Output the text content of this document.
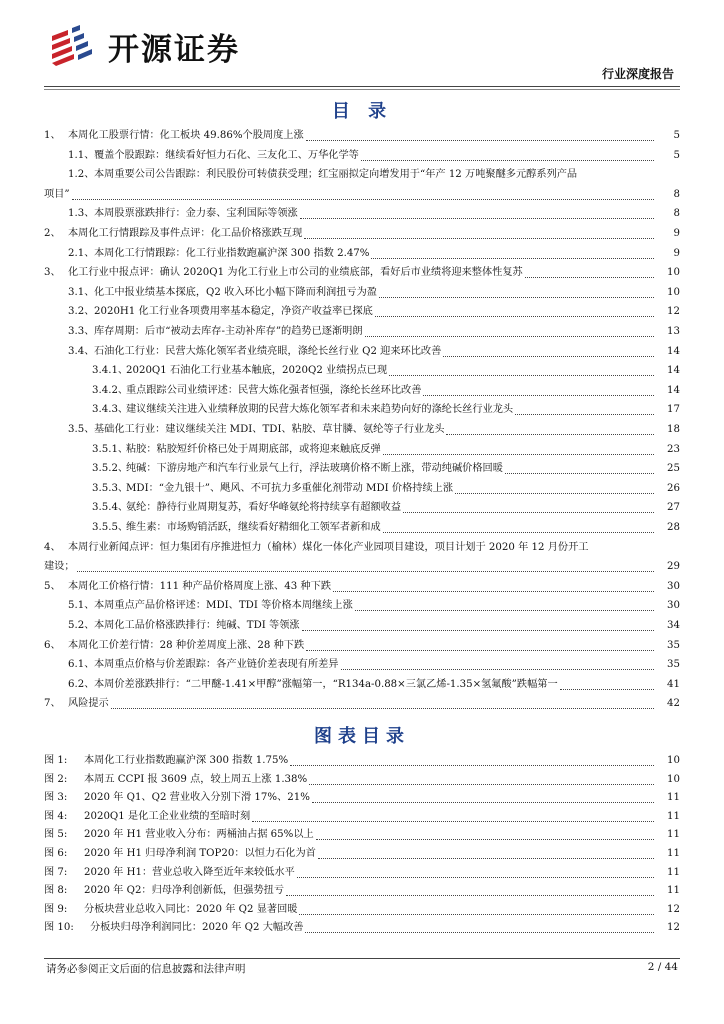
开源证券
行业深度报告
目 录
1、 本周化工股票行情：化工板块 49.86%个股周度上涨	5
1.1、 覆盖个股跟踪：继续看好恒力石化、三友化工、万华化学等	5
1.2、 本周重要公司公告跟踪：利民股份可转债获受理；红宝丽拟定向增发用于“年产 12 万吨聚醚多元醇系列产品
项目”	8
1.3、 本周股票涨跌排行：金力泰、宝利国际等领涨	8
2、 本周化工行情跟踪及事件点评：化工品价格涨跌互现	9
2.1、 本周化工行情跟踪：化工行业指数跑赢沪深 300 指数 2.47%	9
3、 化工行业中报点评：确认 2020Q1 为化工行业上市公司的业绩底部，看好后市业绩将迎来整体性复苏	10
3.1、 化工中报业绩基本探底，Q2 收入环比小幅下降而利润扭亏为盈	10
3.2、 2020H1 化工行业各项费用率基本稳定，净资产收益率已探底	12
3.3、 库存周期：后市“被动去库存-主动补库存”的趋势已逐渐明朗	13
3.4、 石油化工行业：民营大炼化领军者业绩亮眼，涤纶长丝行业 Q2 迎来环比改善	14
3.4.1、
2020Q1 石油化工行业基本触底，2020Q2 业绩拐点已现	14
3.4.2、
重点跟踪公司业绩评述：民营大炼化强者恒强，涤纶长丝环比改善	14
3.4.3、
建议继续关注进入业绩释放期的民营大炼化领军者和未来趋势向好的涤纶长丝行业龙头	17
3.5、 基础化工行业：建议继续关注 MDI、TDI、粘胶、草甘膦、氨纶等子行业龙头	18
3.5.1、
粘胶：粘胶短纤价格已处于周期底部，或将迎来触底反弹	23
3.5.2、
纯碱：下游房地产和汽车行业景气上行，浮法玻璃价格不断上涨，带动纯碱价格回暖	25
3.5.3、
MDI：“金九银十”、飓风、不可抗力多重催化剂带动 MDI 价格持续上涨	26
3.5.4、
氨纶：静待行业周期复苏，看好华峰氨纶将持续享有超额收益	27
3.5.5、
维生素：市场购销活跃，继续看好精细化工领军者新和成	28
4、 本周行业新闻点评：恒力集团有序推进恒力（榆林）煤化一体化产业园项目建设，项目计划于 2020 年 12 月份开工
建设；	29
5、 本周化工价格行情：111 种产品价格周度上涨、43 种下跌	30
5.1、 本周重点产品价格评述：MDI、TDI 等价格本周继续上涨	30
5.2、 本周化工品价格涨跌排行：纯碱、TDI 等领涨	34
6、 本周化工价差行情：28 种价差周度上涨、28 种下跌	35
6.1、 本周重点价格与价差跟踪：各产业链价差表现有所差异	35
6.2、 本周价差涨跌排行：“二甲醚-1.41×甲醇”涨幅第一，“R134a-0.88×三氯乙烯-1.35×氢氟酸”跌幅第一	41
7、 风险提示	42
图表目录
图 1: 本周化工行业指数跑赢沪深 300 指数 1.75%	10
图 2: 本周五 CCPI 报 3609 点，较上周五上涨 1.38%	10
图 3: 2020 年 Q1、Q2 营业收入分别下滑 17%、21%	11
图 4: 2020Q1 是化工企业业绩的至暗时刻	11
图 5: 2020 年 H1 营业收入分布：两桶油占据 65%以上	11
图 6: 2020 年 H1 归母净利润 TOP20：以恒力石化为首	11
图 7: 2020 年 H1：营业总收入降至近年来较低水平	11
图 8: 2020 年 Q2：归母净利创新低，但强势扭亏	11
图 9: 分板块营业总收入同比：2020 年 Q2 显著回暖	12
图 10: 分板块归母净利润同比：2020 年 Q2 大幅改善	12
请务必参阅正文后面的信息披露和法律声明	2 / 44
